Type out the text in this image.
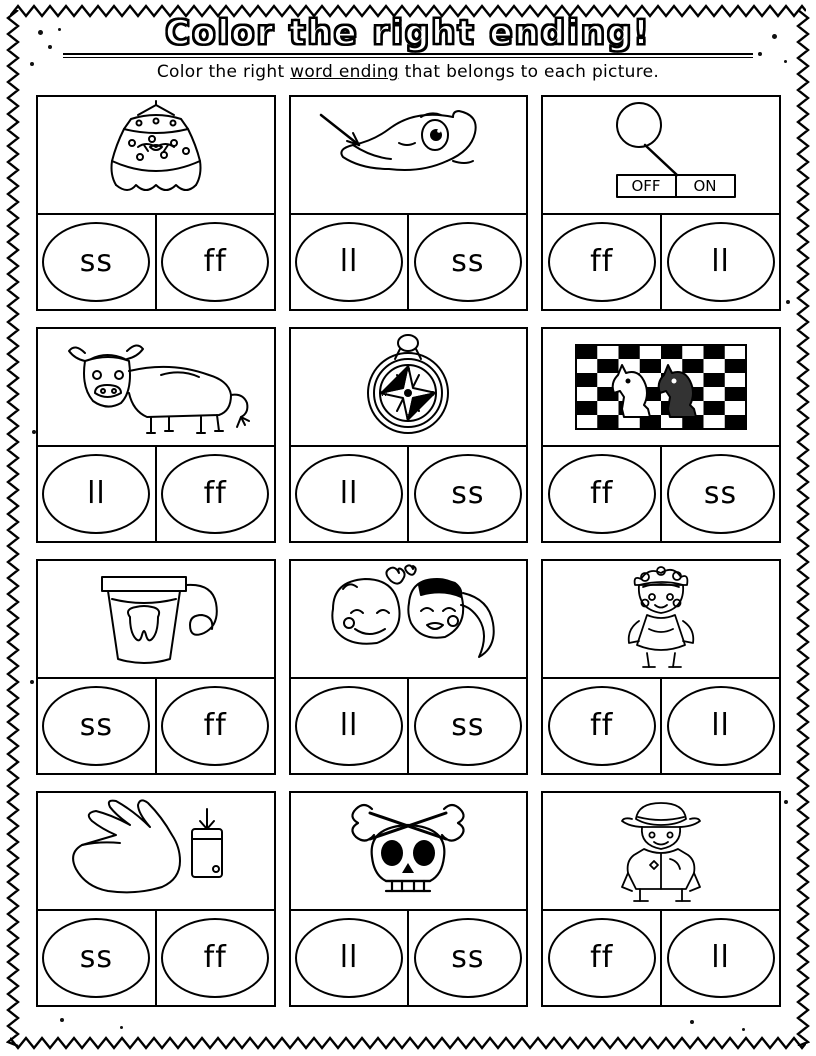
Color the right ending!
Color the right word ending that belongs to each picture.
ss	ff	ll	ss
OFF ON
ff	ll
ll	ff
N
S
W	E
ll	ss	ff	ss
ss	ff	ll	ss	ff	ll
ss	ff	ll	ss	ff	ll
